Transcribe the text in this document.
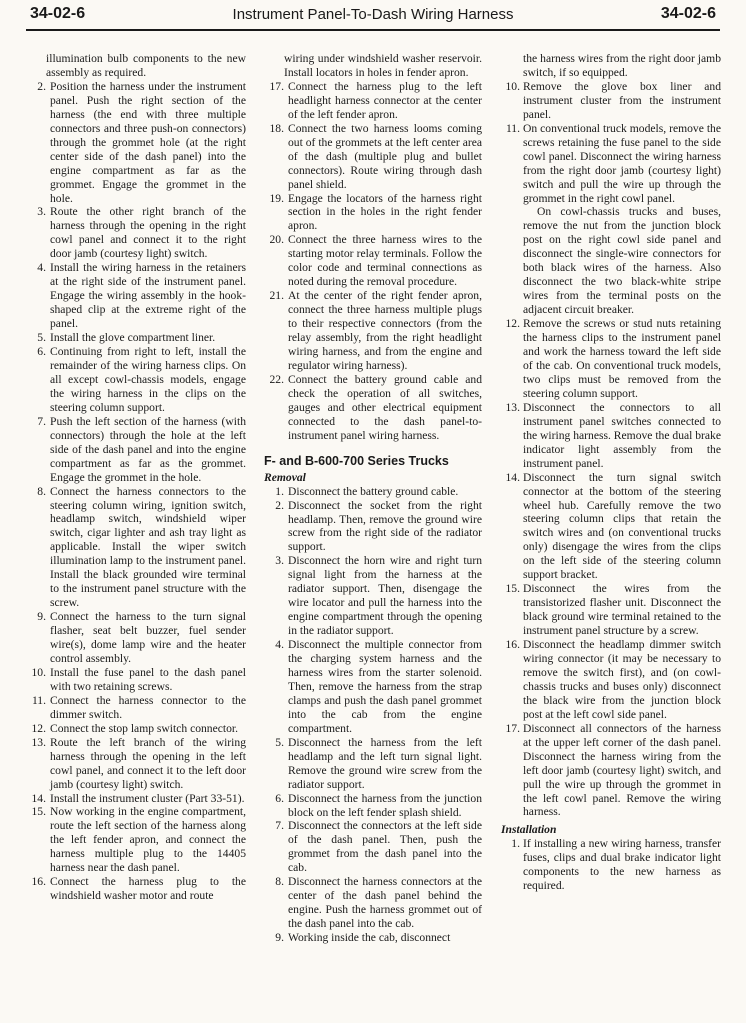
34-02-6	Instrument Panel-To-Dash Wiring Harness	34-02-6
illumination bulb components to the new assembly as required.
2. Position the harness under the instrument panel. Push the right section of the harness (the end with three multiple connectors and three push-on connectors) through the grommet hole (at the right center side of the dash panel) into the engine compartment as far as the grommet. Engage the grommet in the hole.
3. Route the other right branch of the harness through the opening in the right cowl panel and connect it to the right door jamb (courtesy light) switch.
4. Install the wiring harness in the retainers at the right side of the instrument panel. Engage the wiring assembly in the hook-shaped clip at the extreme right of the panel.
5. Install the glove compartment liner.
6. Continuing from right to left, install the remainder of the wiring harness clips. On all except cowl-chassis models, engage the wiring harness in the clips on the steering column support.
7. Push the left section of the harness (with connectors) through the hole at the left side of the dash panel and into the engine compartment as far as the grommet. Engage the grommet in the hole.
8. Connect the harness connectors to the steering column wiring, ignition switch, headlamp switch, windshield wiper switch, cigar lighter and ash tray light as applicable. Install the wiper switch illumination lamp to the instrument panel. Install the black grounded wire terminal to the instrument panel structure with the screw.
9. Connect the harness to the turn signal flasher, seat belt buzzer, fuel sender wire(s), dome lamp wire and the heater control assembly.
10. Install the fuse panel to the dash panel with two retaining screws.
11. Connect the harness connector to the dimmer switch.
12. Connect the stop lamp switch connector.
13. Route the left branch of the wiring harness through the opening in the left cowl panel, and connect it to the left door jamb (courtesy light) switch.
14. Install the instrument cluster (Part 33-51).
15. Now working in the engine compartment, route the left section of the harness along the left fender apron, and connect the harness multiple plug to the 14405 harness near the dash panel.
16. Connect the harness plug to the windshield washer motor and route
wiring under windshield washer reservoir. Install locators in holes in fender apron.
17. Connect the harness plug to the left headlight harness connector at the center of the left fender apron.
18. Connect the two harness looms coming out of the grommets at the left center area of the dash (multiple plug and bullet connectors). Route wiring through dash panel shield.
19. Engage the locators of the harness right section in the holes in the right fender apron.
20. Connect the three harness wires to the starting motor relay terminals. Follow the color code and terminal connections as noted during the removal procedure.
21. At the center of the right fender apron, connect the three harness multiple plugs to their respective connectors (from the relay assembly, from the right headlight wiring harness, and from the engine and regulator wiring harness).
22. Connect the battery ground cable and check the operation of all switches, gauges and other electrical equipment connected to the dash panel-to-instrument panel wiring harness.
F- and B-600-700 Series Trucks
Removal
1. Disconnect the battery ground cable.
2. Disconnect the socket from the right headlamp. Then, remove the ground wire screw from the right side of the radiator support.
3. Disconnect the horn wire and right turn signal light from the harness at the radiator support. Then, disengage the wire locator and pull the harness into the engine compartment through the opening in the radiator support.
4. Disconnect the multiple connector from the charging system harness and the harness wires from the starter solenoid. Then, remove the harness from the strap clamps and push the dash panel grommet into the cab from the engine compartment.
5. Disconnect the harness from the left headlamp and the left turn signal light. Remove the ground wire screw from the radiator support.
6. Disconnect the harness from the junction block on the left fender splash shield.
7. Disconnect the connectors at the left side of the dash panel. Then, push the grommet from the dash panel into the cab.
8. Disconnect the harness connectors at the center of the dash panel behind the engine. Push the harness grommet out of the dash panel into the cab.
9. Working inside the cab, disconnect
the harness wires from the right door jamb switch, if so equipped.
10. Remove the glove box liner and instrument cluster from the instrument panel.
11. On conventional truck models, remove the screws retaining the fuse panel to the side cowl panel. Disconnect the wiring harness from the right door jamb (courtesy light) switch and pull the wire up through the grommet in the right cowl panel.
On cowl-chassis trucks and buses, remove the nut from the junction block post on the right cowl side panel and disconnect the single-wire connectors for both black wires of the harness. Also disconnect the two black-white stripe wires from the terminal posts on the adjacent circuit breaker.
12. Remove the screws or stud nuts retaining the harness clips to the instrument panel and work the harness toward the left side of the cab. On conventional truck models, two clips must be removed from the steering column support.
13. Disconnect the connectors to all instrument panel switches connected to the wiring harness. Remove the dual brake indicator light assembly from the instrument panel.
14. Disconnect the turn signal switch connector at the bottom of the steering wheel hub. Carefully remove the two steering column clips that retain the switch wires and (on conventional trucks only) disengage the wires from the clips on the left side of the steering column support bracket.
15. Disconnect the wires from the transistorized flasher unit. Disconnect the black ground wire terminal retained to the instrument panel structure by a screw.
16. Disconnect the headlamp dimmer switch wiring connector (it may be necessary to remove the switch first), and (on cowl-chassis trucks and buses only) disconnect the black wire from the junction block post at the left cowl side panel.
17. Disconnect all connectors of the harness at the upper left corner of the dash panel. Disconnect the harness wiring from the left door jamb (courtesy light) switch, and pull the wire up through the grommet in the left cowl panel. Remove the wiring harness.
Installation
1. If installing a new wiring harness, transfer fuses, clips and dual brake indicator light components to the new harness as required.
